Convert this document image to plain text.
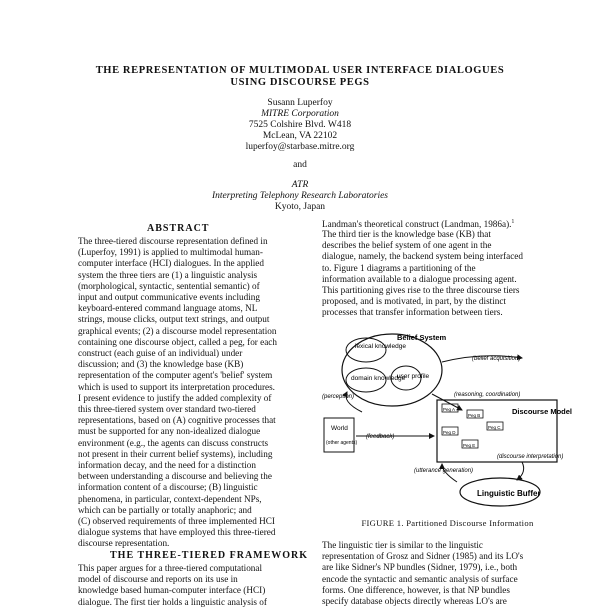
THE REPRESENTATION OF MULTIMODAL USER INTERFACE DIALOGUES
USING DISCOURSE PEGS
Susann Luperfoy
MITRE Corporation
7525 Colshire Blvd. W418
McLean, VA 22102
luperfoy@starbase.mitre.org
and
ATR
Interpreting Telephony Research Laboratories
Kyoto, Japan
ABSTRACT
The three-tiered discourse representation defined in
(Luperfoy, 1991) is applied to multimodal human-
computer interface (HCI) dialogues. In the applied
system the three tiers are (1) a linguistic analysis
(morphological, syntactic, sentential semantic) of
input and output communicative events including
keyboard-entered command language atoms, NL
strings, mouse clicks, output text strings, and output
graphical events; (2) a discourse model representation
containing one discourse object, called a peg, for each
construct (each guise of an individual) under
discussion; and (3) the knowledge base (KB)
representation of the computer agent's 'belief' system
which is used to support its interpretation procedures.
I present evidence to justify the added complexity of
this three-tiered system over standard two-tiered
representations, based on (A) cognitive processes that
must be supported for any non-idealized dialogue
environment (e.g., the agents can discuss constructs
not present in their current belief systems), including
information decay, and the need for a distinction
between understanding a discourse and believing the
information content of a discourse; (B) linguistic
phenomena, in particular, context-dependent NPs,
which can be partially or totally anaphoric; and
(C) observed requirements of three implemented HCI
dialogue systems that have employed this three-tiered
discourse representation.
THE THREE-TIERED FRAMEWORK
This paper argues for a three-tiered computational
model of discourse and reports on its use in
knowledge based human-computer interface (HCI)
dialogue. The first tier holds a linguistic analysis of
Landman's theoretical construct (Landman, 1986a).$^1$
The third tier is the knowledge base (KB) that
describes the belief system of one agent in the
dialogue, namely, the backend system being interfaced
to. Figure 1 diagrams a partitioning of the
information available to a dialogue processing agent.
This partitioning gives rise to the three discourse tiers
proposed, and is motivated, in part, by the distinct
processes that transfer information between tiers.
Belief System
lexical knowledge
domain knowledge
user profile
(belief acquisition)
(perception)	(reasoning, coordination)
Discourse Model
Peg A
Peg B
Peg C
Peg D
Peg E
World
(other agents)
(feedback)
(discourse interpretation)
(utterance generation)
Linguistic Buffer
FIGURE 1. Partitioned Discourse Information
The linguistic tier is similar to the linguistic
representation of Grosz and Sidner (1985) and its LO's
are like Sidner's NP bundles (Sidner, 1979), i.e., both
encode the syntactic and semantic analysis of surface
forms. One difference, however, is that NP bundles
specify database objects directly whereas LO's are
